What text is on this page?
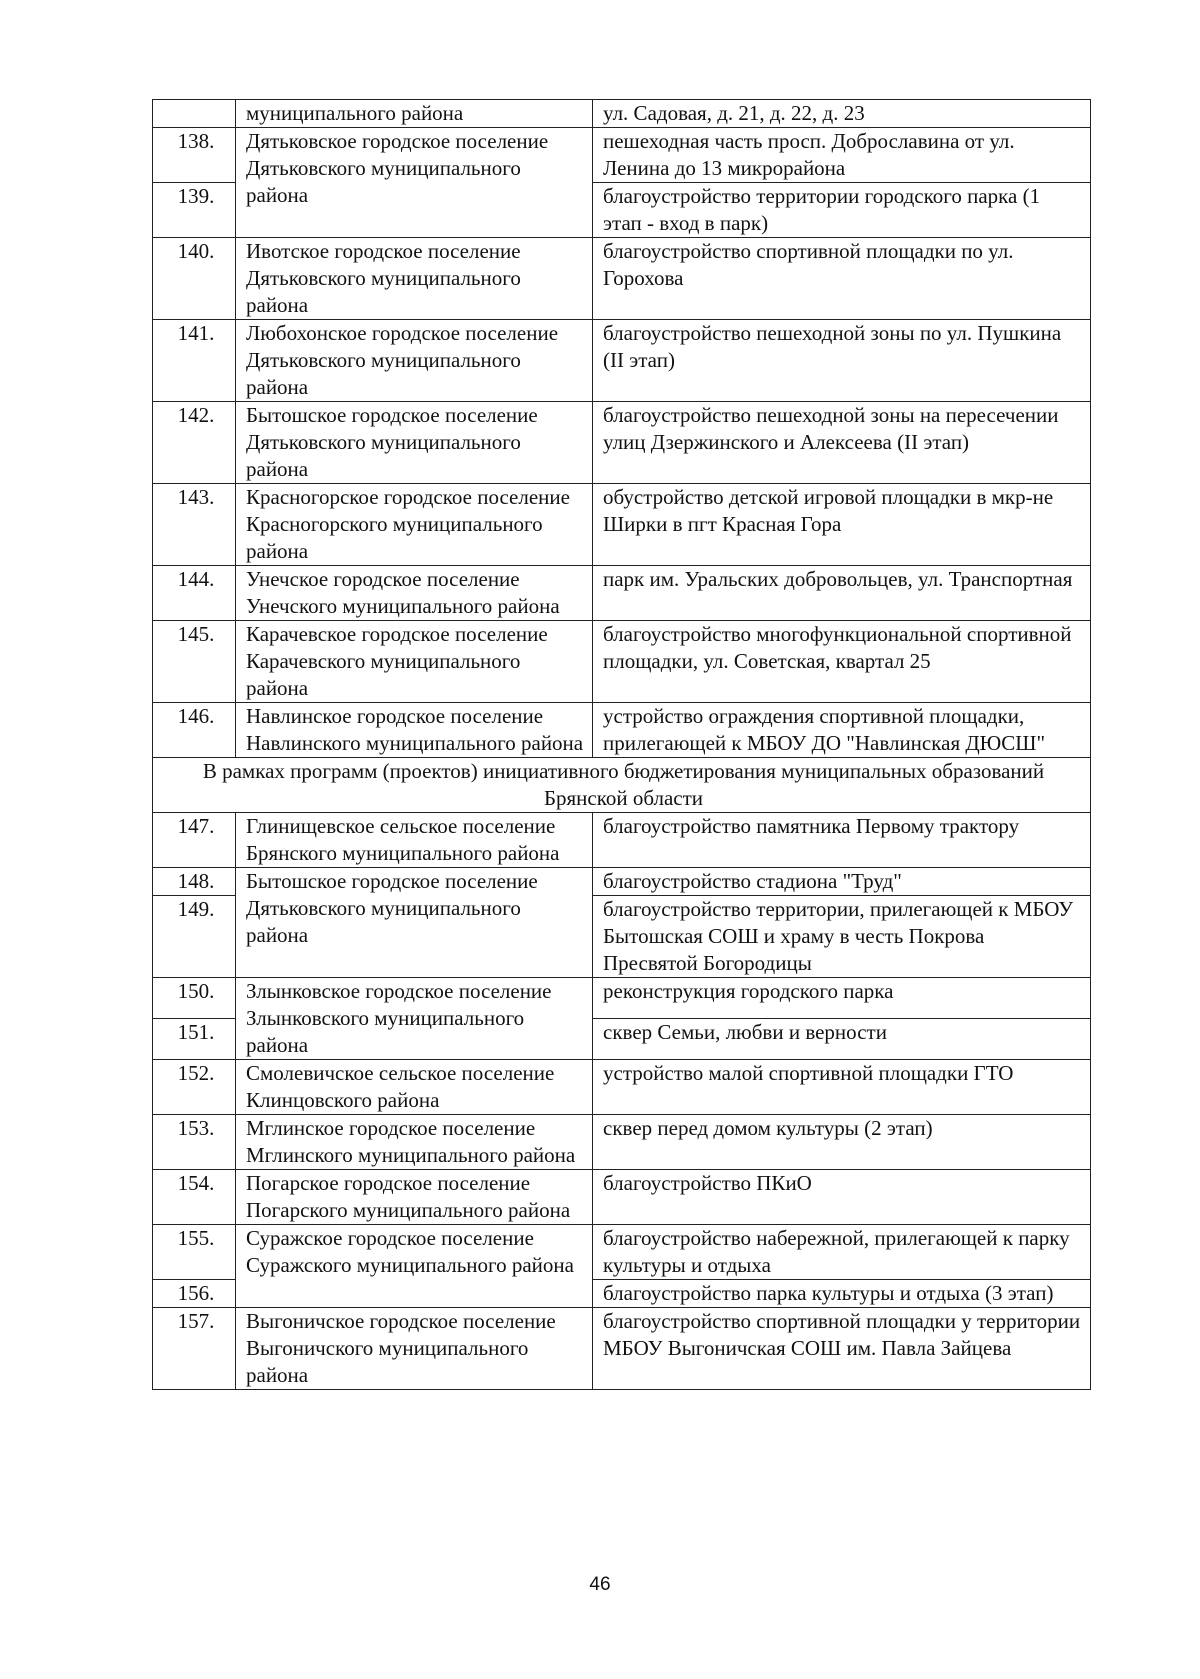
	муниципального района	ул. Садовая, д. 21, д. 22, д. 23
138.	Дятьковское городское поселение Дятьковского муниципального района	пешеходная часть просп. Доброславина от ул. Ленина до 13 микрорайона
139.		благоустройство территории городского парка (1 этап - вход в парк)
140.	Ивотское городское поселение Дятьковского муниципального района	благоустройство спортивной площадки по ул. Горохова
141.	Любохонское городское поселение Дятьковского муниципального района	благоустройство пешеходной зоны по ул. Пушкина (II этап)
142.	Бытошское городское поселение Дятьковского муниципального района	благоустройство пешеходной зоны на пересечении улиц Дзержинского и Алексеева (II этап)
143.	Красногорское городское поселение Красногорского муниципального района	обустройство детской игровой площадки в мкр-не Ширки в пгт Красная Гора
144.	Унечское городское поселение Унечского муниципального района	парк им. Уральских добровольцев, ул. Транспортная
145.	Карачевское городское поселение Карачевского муниципального района	благоустройство многофункциональной спортивной площадки, ул. Советская, квартал 25
146.	Навлинское городское поселение Навлинского муниципального района	устройство ограждения спортивной площадки, прилегающей к МБОУ ДО "Навлинская ДЮСШ"
В рамках программ (проектов) инициативного бюджетирования муниципальных образований Брянской области		
147.	Глинищевское сельское поселение Брянского муниципального района	благоустройство памятника Первому трактору
148.	Бытошское городское поселение Дятьковского муниципального района	благоустройство стадиона "Труд"
149.		благоустройство территории, прилегающей к МБОУ Бытошская СОШ и храму в честь Покрова Пресвятой Богородицы
150.	Злынковское городское поселение Злынковского муниципального района	реконструкция городского парка
151.		сквер Семьи, любви и верности
152.	Смолевичское сельское поселение Клинцовского района	устройство малой спортивной площадки ГТО
153.	Мглинское городское поселение Мглинского муниципального района	сквер перед домом культуры (2 этап)
154.	Погарское городское поселение Погарского муниципального района	благоустройство ПКиО
155.	Суражское городское поселение Суражского муниципального района	благоустройство набережной, прилегающей к парку культуры и отдыха
156.		благоустройство парка культуры и отдыха (3 этап)
157.	Выгоничское городское поселение Выгоничского муниципального района	благоустройство спортивной площадки у территории МБОУ Выгоничская СОШ им. Павла Зайцева
46
